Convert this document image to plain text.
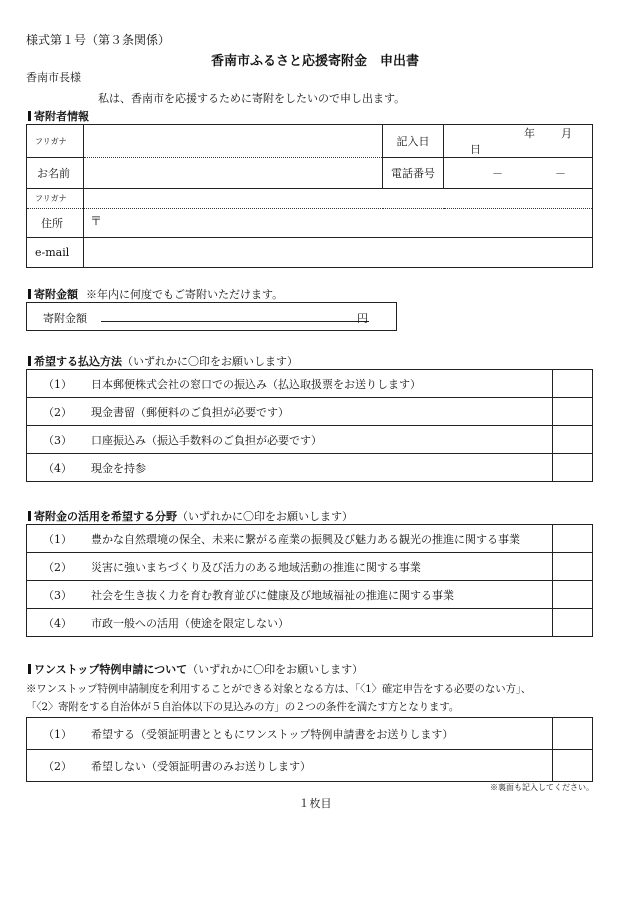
様式第１号（第３条関係）
香南市ふるさと応援寄附金　申出書
香南市長様
私は、香南市を応援するために寄附をしたいので申し出ます。
寄附者情報
フリガナ		記入日	年 月日
お名前		電話番号	－ －
フリガナ			
住所	〒		
e-mail			
寄附金額 ※年内に何度でもご寄附いただけます。
寄附金額	円
希望する払込方法（いずれかに〇印をお願いします）
（1） 日本郵便株式会社の窓口での振込み（払込取扱票をお送りします）	
（2） 現金書留（郵便料のご負担が必要です）	
（3） 口座振込み（振込手数料のご負担が必要です）	
（4） 現金を持参	
寄附金の活用を希望する分野（いずれかに〇印をお願いします）
（1） 豊かな自然環境の保全、未来に繋がる産業の振興及び魅力ある観光の推進に関する事業	
（2） 災害に強いまちづくり及び活力のある地域活動の推進に関する事業	
（3） 社会を生き抜く力を育む教育並びに健康及び地域福祉の推進に関する事業	
（4） 市政一般への活用（使途を限定しない）	
ワンストップ特例申請について（いずれかに〇印をお願いします）
※ワンストップ特例申請制度を利用することができる対象となる方は、「〈1〉確定申告をする必要のない方」、
「〈2〉寄附をする自治体が５自治体以下の見込みの方」の２つの条件を満たす方となります。
（1） 希望する（受領証明書とともにワンストップ特例申請書をお送りします）	
（2） 希望しない（受領証明書のみお送りします）	
※裏面も記入してください。
１枚目
